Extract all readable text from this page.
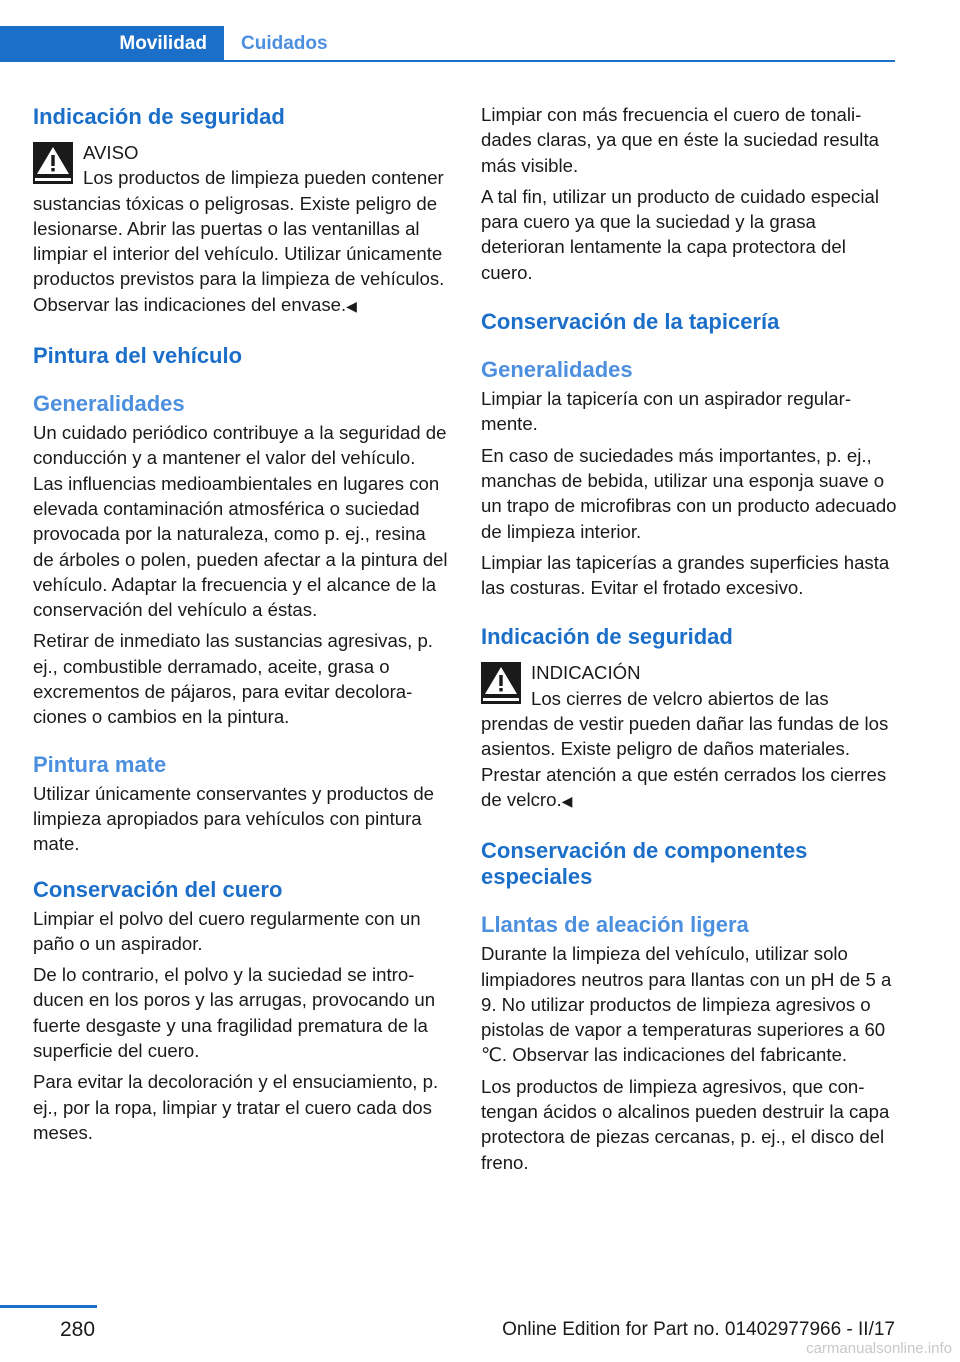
Movilidad	Cuidados
Indicación de seguridad
AVISO

Los productos de limpieza pueden contener sustancias tóxicas o peligrosas. Existe peligro de lesionarse. Abrir las puertas o las ventanillas al limpiar el interior del vehículo. Utilizar únicamente productos previstos para la limpieza de vehículos. Observar las indicaciones del envase.◀

Pintura del vehículo
Generalidades

Un cuidado periódico contribuye a la seguridad de conducción y a mantener el valor del vehículo. Las influencias medioambientales en lugares con elevada contaminación atmosférica o suciedad provocada por la naturaleza, como p. ej., resina de árboles o polen, pueden afectar a la pintura del vehículo. Adaptar la frecuencia y el alcance de la conservación del vehículo a éstas.

Retirar de inmediato las sustancias agresivas, p. ej., combustible derramado, aceite, grasa o excrementos de pájaros, para evitar decoloraciones o cambios en la pintura.

Pintura mate

Utilizar únicamente conservantes y productos de limpieza apropiados para vehículos con pintura mate.

Conservación del cuero

Limpiar el polvo del cuero regularmente con un paño o un aspirador.

De lo contrario, el polvo y la suciedad se introducen en los poros y las arrugas, provocando un fuerte desgaste y una fragilidad prematura de la superficie del cuero.

Para evitar la decoloración y el ensuciamiento, p. ej., por la ropa, limpiar y tratar el cuero cada dos meses.

Limpiar con más frecuencia el cuero de tonalidades claras, ya que en éste la suciedad resulta más visible.

A tal fin, utilizar un producto de cuidado especial para cuero ya que la suciedad y la grasa deterioran lentamente la capa protectora del cuero.

Conservación de la tapicería
Generalidades

Limpiar la tapicería con un aspirador regularmente.

En caso de suciedades más importantes, p. ej., manchas de bebida, utilizar una esponja suave o un trapo de microfibras con un producto adecuado de limpieza interior.

Limpiar las tapicerías a grandes superficies hasta las costuras. Evitar el frotado excesivo.

Indicación de seguridad
INDICACIÓN

Los cierres de velcro abiertos de las prendas de vestir pueden dañar las fundas de los asientos. Existe peligro de daños materiales. Prestar atención a que estén cerrados los cierres de velcro.◀

Conservación de componentes especiales
Llantas de aleación ligera

Durante la limpieza del vehículo, utilizar solo limpiadores neutros para llantas con un pH de 5 a 9. No utilizar productos de limpieza agresivos o pistolas de vapor a temperaturas superiores a 60 ℃. Observar las indicaciones del fabricante.

Los productos de limpieza agresivos, que contengan ácidos o alcalinos pueden destruir la capa protectora de piezas cercanas, p. ej., el disco del freno.

280	Online Edition for Part no. 01402977966 - II/17
carmanualsonline.info
